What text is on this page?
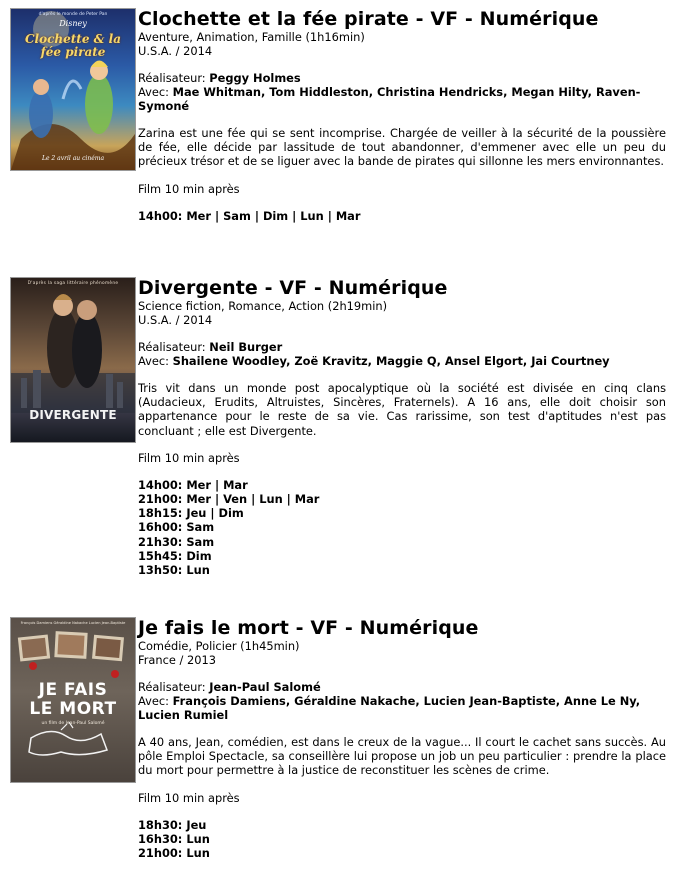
d'après le monde de Peter Pan
Disney
Clochette & la fée pirate
Le 2 avril au cinéma
Clochette et la fée pirate - VF - Numérique
Aventure, Animation, Famille (1h16min)
U.S.A. / 2014
Réalisateur: Peggy Holmes
Avec: Mae Whitman, Tom Hiddleston, Christina Hendricks, Megan Hilty, Raven-Symoné

Zarina est une fée qui se sent incomprise. Chargée de veiller à la sécurité de la poussière de fée, elle décide par lassitude de tout abandonner, d'emmener avec elle un peu du précieux trésor et de se liguer avec la bande de pirates qui sillonne les mers environnantes.

Film 10 min après
14h00: Mer | Sam | Dim | Lun | Mar
D'après la saga littéraire phénomène
DIVERGENTE
Divergente - VF - Numérique
Science fiction, Romance, Action (2h19min)
U.S.A. / 2014
Réalisateur: Neil Burger
Avec: Shailene Woodley, Zoë Kravitz, Maggie Q, Ansel Elgort, Jai Courtney

Tris vit dans un monde post apocalyptique où la société est divisée en cinq clans (Audacieux, Erudits, Altruistes, Sincères, Fraternels). A 16 ans, elle doit choisir son appartenance pour le reste de sa vie. Cas rarissime, son test d'aptitudes n'est pas concluant ; elle est Divergente.

Film 10 min après
14h00: Mer | Mar
21h00: Mer | Ven | Lun | Mar
18h15: Jeu | Dim
16h00: Sam
21h30: Sam
15h45: Dim
13h50: Lun
François Damiens Géraldine Nakache Lucien Jean-Baptiste
JE FAIS
LE MORT
un film de Jean-Paul Salomé
Je fais le mort - VF - Numérique
Comédie, Policier (1h45min)
France / 2013
Réalisateur: Jean-Paul Salomé
Avec: François Damiens, Géraldine Nakache, Lucien Jean-Baptiste, Anne Le Ny, Lucien Rumiel

A 40 ans, Jean, comédien, est dans le creux de la vague... Il court le cachet sans succès. Au pôle Emploi Spectacle, sa conseillère lui propose un job un peu particulier : prendre la place du mort pour permettre à la justice de reconstituer les scènes de crime.

Film 10 min après
18h30: Jeu
16h30: Lun
21h00: Lun
